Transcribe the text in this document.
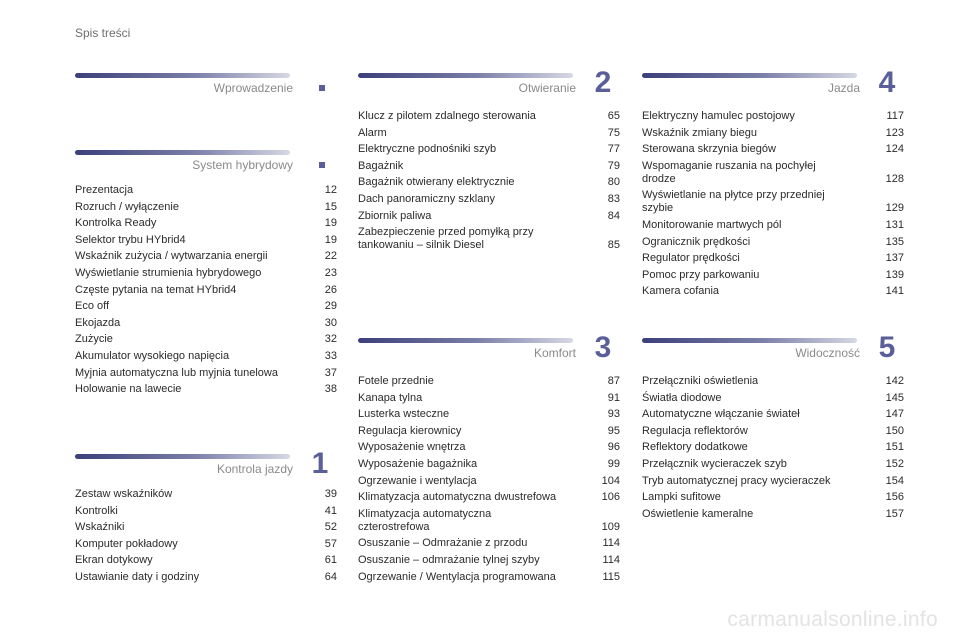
Spis treści
Wprowadzenie
System hybrydowy
Prezentacja	12
Rozruch / wyłączenie	15
Kontrolka Ready	19
Selektor trybu HYbrid4	19
Wskaźnik zużycia / wytwarzania energii	22
Wyświetlanie strumienia hybrydowego	23
Częste pytania na temat HYbrid4	26
Eco off	29
Ekojazda	30
Zużycie	32
Akumulator wysokiego napięcia	33
Myjnia automatyczna lub myjnia tunelowa	37
Holowanie na lawecie	38
Kontrola jazdy 1
Zestaw wskaźników	39
Kontrolki	41
Wskaźniki	52
Komputer pokładowy	57
Ekran dotykowy	61
Ustawianie daty i godziny	64
Otwieranie 2
Klucz z pilotem zdalnego sterowania	65
Alarm	75
Elektryczne podnośniki szyb	77
Bagażnik	79
Bagażnik otwierany elektrycznie	80
Dach panoramiczny szklany	83
Zbiornik paliwa	84
Zabezpieczenie przed pomyłką przy
tankowaniu – silnik Diesel	85
Komfort 3
Fotele przednie	87
Kanapa tylna	91
Lusterka wsteczne	93
Regulacja kierownicy	95
Wyposażenie wnętrza	96
Wyposażenie bagażnika	99
Ogrzewanie i wentylacja	104
Klimatyzacja automatyczna dwustrefowa	106
Klimatyzacja automatyczna
czterostrefowa	109
Osuszanie – Odmrażanie z przodu	114
Osuszanie – odmrażanie tylnej szyby	114
Ogrzewanie / Wentylacja programowana	115
Jazda 4
Elektryczny hamulec postojowy	117
Wskaźnik zmiany biegu	123
Sterowana skrzynia biegów	124
Wspomaganie ruszania na pochyłej
drodze	128
Wyświetlanie na płytce przy przedniej
szybie	129
Monitorowanie martwych pól	131
Ogranicznik prędkości	135
Regulator prędkości	137
Pomoc przy parkowaniu	139
Kamera cofania	141
Widoczność 5
Przełączniki oświetlenia	142
Światła diodowe	145
Automatyczne włączanie świateł	147
Regulacja reflektorów	150
Reflektory dodatkowe	151
Przełącznik wycieraczek szyb	152
Tryb automatycznej pracy wycieraczek	154
Lampki sufitowe	156
Oświetlenie kameralne	157
carmanualsonline.info
